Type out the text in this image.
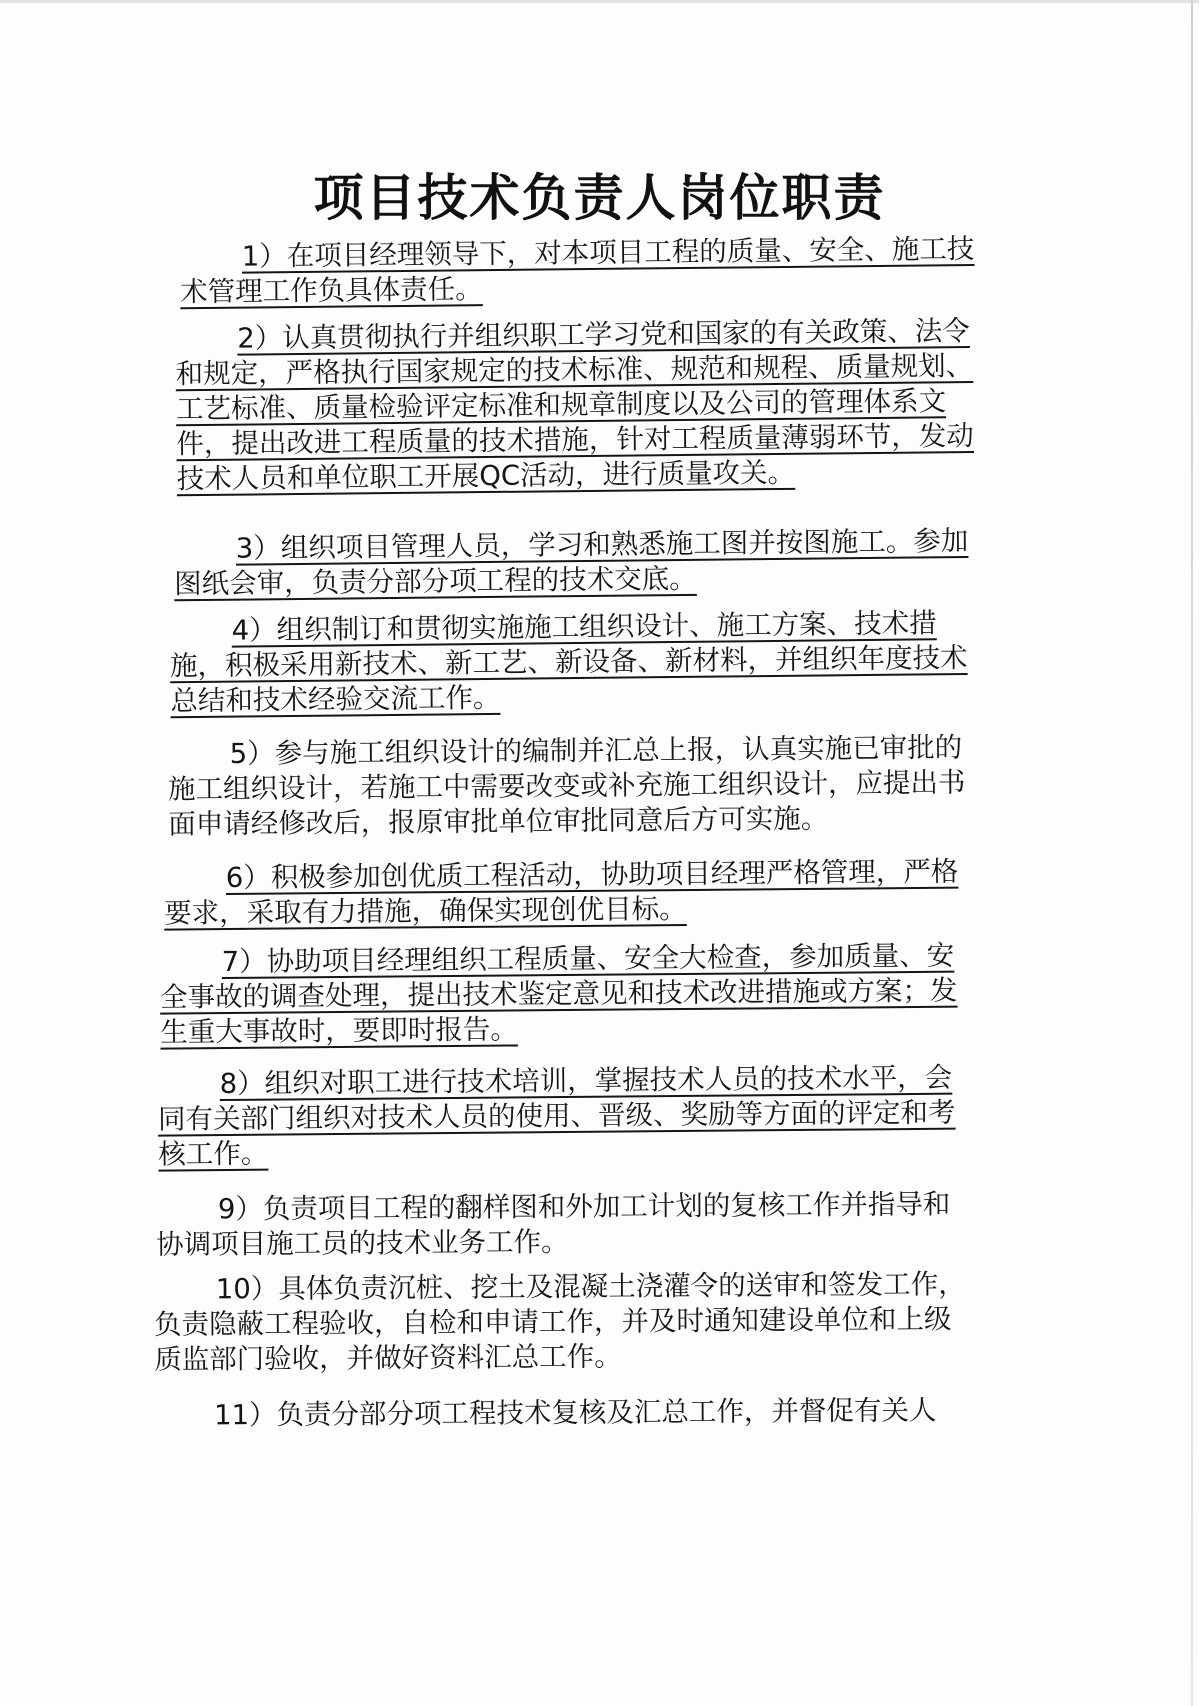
项目技术负责人岗位职责

1）在项目经理领导下，对本项目工程的质量、安全、施工技术管理工作负具体责任。

2）认真贯彻执行并组织职工学习党和国家的有关政策、法令和规定，严格执行国家规定的技术标准、规范和规程、质量规划、工艺标准、质量检验评定标准和规章制度以及公司的管理体系文件，提出改进工程质量的技术措施，针对工程质量薄弱环节，发动技术人员和单位职工开展QC活动，进行质量攻关。

3）组织项目管理人员，学习和熟悉施工图并按图施工。参加图纸会审，负责分部分项工程的技术交底。

4）组织制订和贯彻实施施工组织设计、施工方案、技术措施，积极采用新技术、新工艺、新设备、新材料，并组织年度技术总结和技术经验交流工作。

5）参与施工组织设计的编制并汇总上报，认真实施已审批的施工组织设计，若施工中需要改变或补充施工组织设计，应提出书面申请经修改后，报原审批单位审批同意后方可实施。

6）积极参加创优质工程活动，协助项目经理严格管理，严格要求，采取有力措施，确保实现创优目标。

7）协助项目经理组织工程质量、安全大检查，参加质量、安全事故的调查处理，提出技术鉴定意见和技术改进措施或方案；发生重大事故时，要即时报告。

8）组织对职工进行技术培训，掌握技术人员的技术水平，会同有关部门组织对技术人员的使用、晋级、奖励等方面的评定和考核工作。

9）负责项目工程的翻样图和外加工计划的复核工作并指导和协调项目施工员的技术业务工作。

10）具体负责沉桩、挖土及混凝土浇灌令的送审和签发工作，负责隐蔽工程验收，自检和申请工作，并及时通知建设单位和上级质监部门验收，并做好资料汇总工作。

11）负责分部分项工程技术复核及汇总工作，并督促有关人
